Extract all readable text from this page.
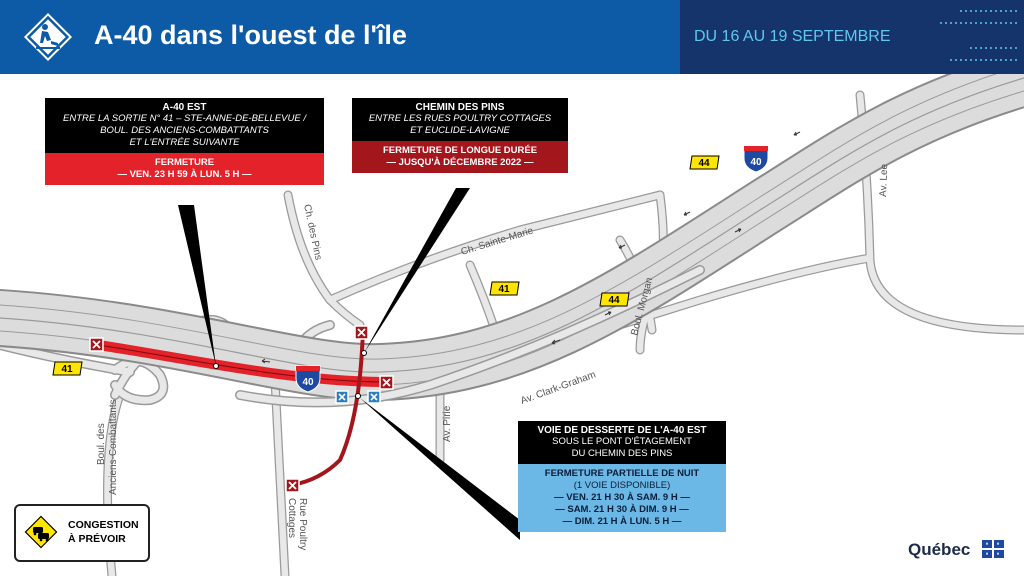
A-40 dans l'ouest de l'île	DU 16 AU 19 SEPTEMBRE
41
41
44
44
40
40
Ch. des Pins	Ch. Sainte-Marie
Boul. Morgan
Av. Lee
Av. Clark-Graham
Av. Pirie
Boul. des Anciens-Combattants
Rue Poultry
Cottages
A-40 EST
ENTRE LA SORTIE N° 41 – STE-ANNE-DE-BELLEVUE /
BOUL. DES ANCIENS-COMBATTANTS
ET L'ENTRÉE SUIVANTE
FERMETURE
— VEN. 23 H 59 À LUN. 5 H —
CHEMIN DES PINS
ENTRE LES RUES POULTRY COTTAGES
ET EUCLIDE-LAVIGNE
FERMETURE DE LONGUE DURÉE
— JUSQU'À DÉCEMBRE 2022 —
VOIE DE DESSERTE DE L'A-40 EST
SOUS LE PONT D'ÉTAGEMENT
DU CHEMIN DES PINS
FERMETURE PARTIELLE DE NUIT
(1 VOIE DISPONIBLE)
— VEN. 21 H 30 À SAM. 9 H —
— SAM. 21 H 30 À DIM. 9 H —
— DIM. 21 H À LUN. 5 H —
CONGESTION
À PRÉVOIR
Québec
